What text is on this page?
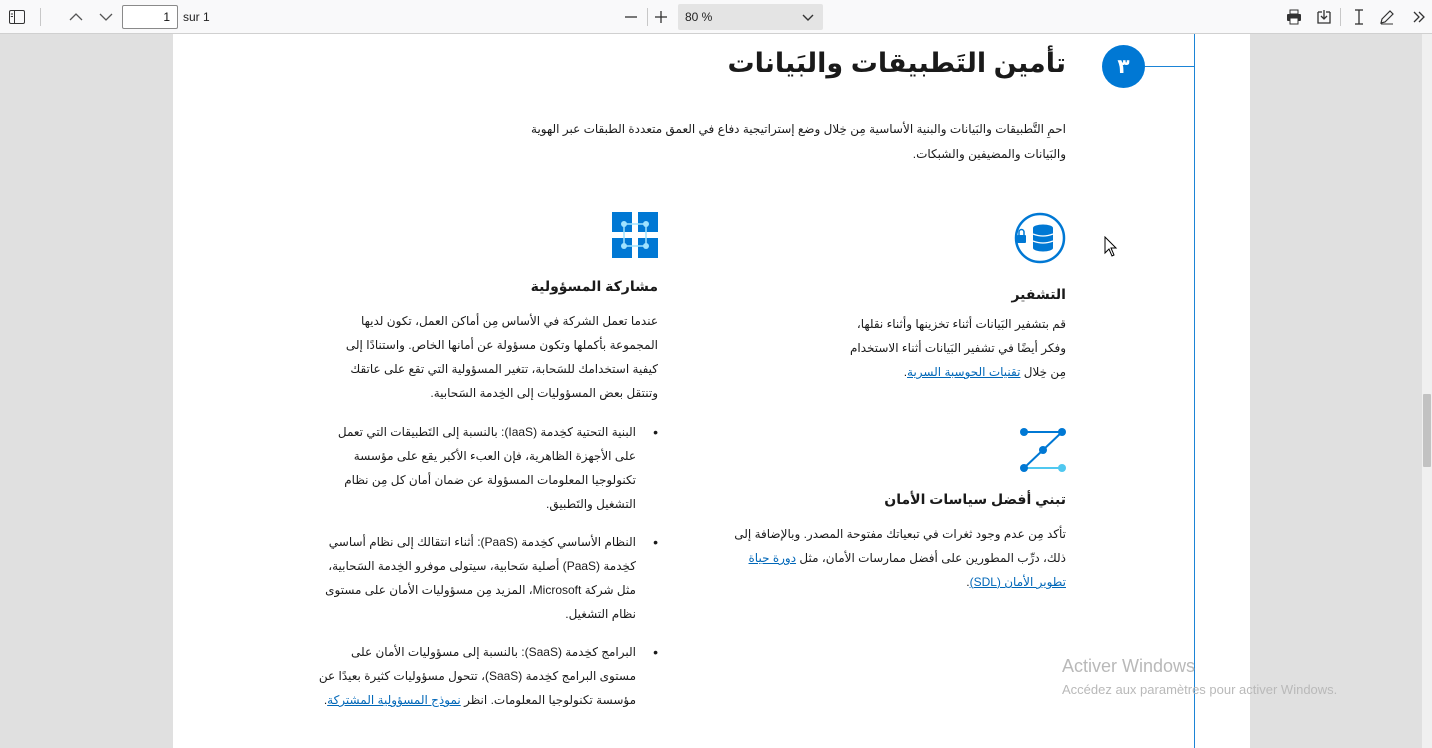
1
sur 1	80 %
٣
تأمين التَطبيقات والبَيانات
احمِ التَّطبيقات والبَيانات والبنية الأساسية مِن خِلال وضع إستراتيجية دفاع في العمق متعددة الطبقات عبر الهوية والبَيانات والمضيفين والشبكات.
التشفير
قم بتشفير البَيانات أثناء تخزينها وأثناء نقلها، وفكر أيضًا في تشفير البَيانات أثناء الاستخدام مِن خِلال تقنيات الحوسبة السرية.
تبني أفضل سياسات الأمان
تأكد مِن عدم وجود ثغرات في تبعياتك مفتوحة المصدر. وبالإضافة إلى ذلك، درِّب المطورين على أفضل ممارسات الأمان، مثل دورة حياة تطوير الأمان (SDL).
مشاركة المسؤولية
عندما تعمل الشركة في الأساس مِن أماكن العمل، تكون لديها المجموعة بأكملها وتكون مسؤولة عن أمانها الخاص. واستنادًا إلى كيفية استخدامك للسَحابة، تتغير المسؤولية التي تقع على عاتقك وتنتقل بعض المسؤوليات إلى الخِدمة السَحابية.
• البنية التحتية كخِدمة (IaaS): بالنسبة إلى التَطبيقات التي تعمل على الأجهزة الظاهرية، فإن العبء الأكبر يقع على مؤسسة تكنولوجيا المعلومات المسؤولة عن ضمان أمان كل مِن نظام التشغيل والتَطبيق.
• النظام الأساسي كخِدمة (PaaS): أثناء انتقالك إلى نظام أساسي كخِدمة (PaaS) أصلية سَحابية، سيتولى موفرو الخِدمة السَحابية، مثل شركة Microsoft، المزيد مِن مسؤوليات الأمان على مستوى نظام التشغيل.
• البرامج كخِدمة (SaaS): بالنسبة إلى مسؤوليات الأمان على مستوى البرامج كخِدمة (SaaS)، تتحول مسؤوليات كثيرة بعيدًا عن مؤسسة تكنولوجيا المعلومات. انظر نموذج المسؤولية المشتركة.
Activer Windows
Accédez aux paramètres pour activer Windows.
